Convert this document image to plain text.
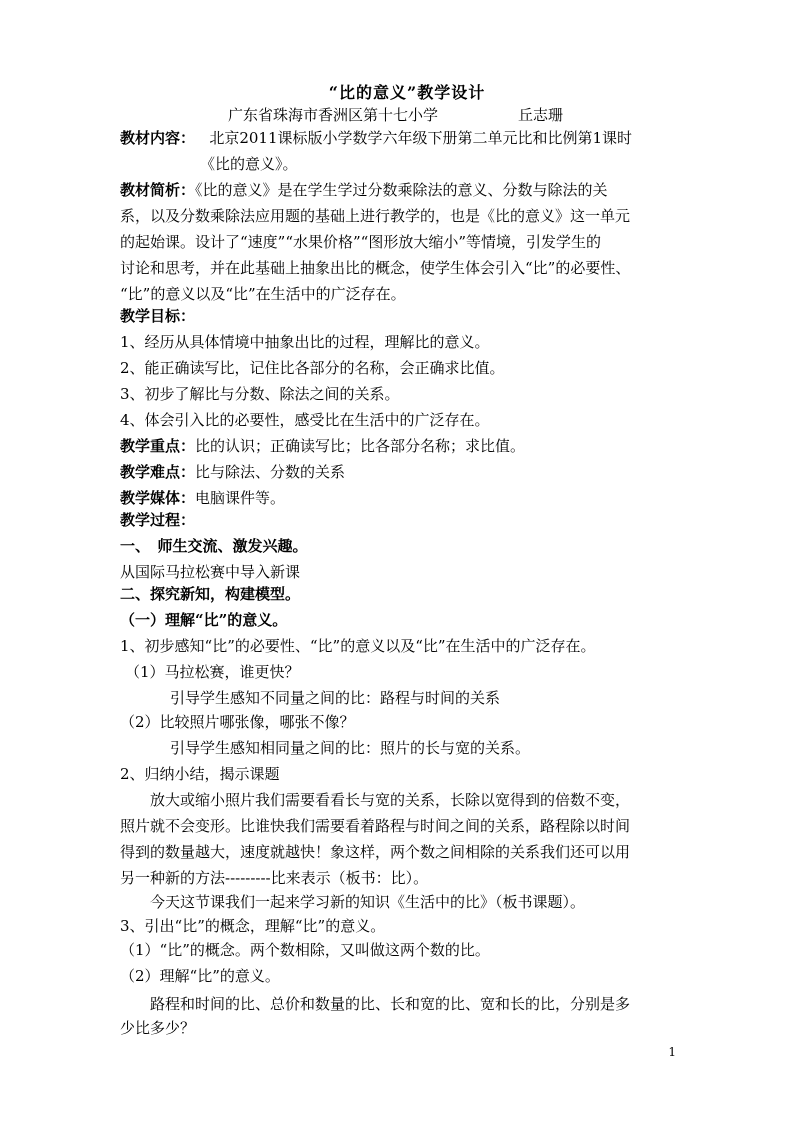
“比的意义”教学设计
广东省珠海市香洲区第十七小学	丘志珊
教材内容： 北京2011课标版小学数学六年级下册第二单元比和比例第1课时
《比的意义》。
教材简析：《比的意义》是在学生学过分数乘除法的意义、分数与除法的关
系，以及分数乘除法应用题的基础上进行教学的，也是《比的意义》这一单元
的起始课。设计了“速度”“水果价格”“图形放大缩小”等情境，引发学生的
讨论和思考，并在此基础上抽象出比的概念，使学生体会引入“比”的必要性、
“比”的意义以及“比”在生活中的广泛存在。
教学目标：
1、经历从具体情境中抽象出比的过程，理解比的意义。
2、能正确读写比，记住比各部分的名称，会正确求比值。
3、初步了解比与分数、除法之间的关系。
4、体会引入比的必要性，感受比在生活中的广泛存在。
教学重点：比的认识；正确读写比；比各部分名称；求比值。
教学难点：比与除法、分数的关系
教学媒体：电脑课件等。
教学过程：
一、　师生交流、激发兴趣。
从国际马拉松赛中导入新课
二、探究新知，构建模型。
（一）理解“比”的意义。
1、初步感知“比”的必要性、“比”的意义以及“比”在生活中的广泛存在。
（1）马拉松赛，谁更快？
引导学生感知不同量之间的比：路程与时间的关系
（2）比较照片哪张像，哪张不像？
引导学生感知相同量之间的比：照片的长与宽的关系。
2、归纳小结，揭示课题
放大或缩小照片我们需要看看长与宽的关系，长除以宽得到的倍数不变，
照片就不会变形。比谁快我们需要看着路程与时间之间的关系，路程除以时间
得到的数量越大，速度就越快！象这样，两个数之间相除的关系我们还可以用
另一种新的方法---------比来表示（板书：比）。
今天这节课我们一起来学习新的知识《生活中的比》（板书课题）。
3、引出“比”的概念，理解“比”的意义。
（1）“比”的概念。两个数相除，又叫做这两个数的比。
（2）理解“比”的意义。
路程和时间的比、总价和数量的比、长和宽的比、宽和长的比，分别是多
少比多少？
1
